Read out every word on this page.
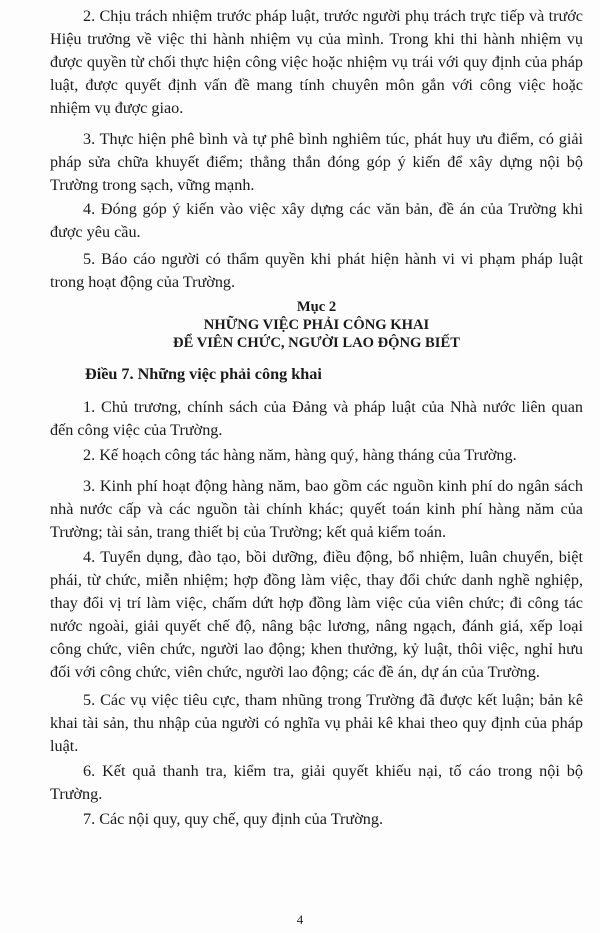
2. Chịu trách nhiệm trước pháp luật, trước người phụ trách trực tiếp và trước Hiệu trưởng về việc thi hành nhiệm vụ của mình. Trong khi thi hành nhiệm vụ được quyền từ chối thực hiện công việc hoặc nhiệm vụ trái với quy định của pháp luật, được quyết định vấn đề mang tính chuyên môn gắn với công việc hoặc nhiệm vụ được giao.

3. Thực hiện phê bình và tự phê bình nghiêm túc, phát huy ưu điểm, có giải pháp sửa chữa khuyết điểm; thẳng thắn đóng góp ý kiến để xây dựng nội bộ Trường trong sạch, vững mạnh.

4. Đóng góp ý kiến vào việc xây dựng các văn bản, đề án của Trường khi được yêu cầu.

5. Báo cáo người có thẩm quyền khi phát hiện hành vi vi phạm pháp luật trong hoạt động của Trường.

Mục 2
NHỮNG VIỆC PHẢI CÔNG KHAI
ĐỂ VIÊN CHỨC, NGƯỜI LAO ĐỘNG BIẾT
Điều 7. Những việc phải công khai

1. Chủ trương, chính sách của Đảng và pháp luật của Nhà nước liên quan đến công việc của Trường.

2. Kế hoạch công tác hàng năm, hàng quý, hàng tháng của Trường.

3. Kinh phí hoạt động hàng năm, bao gồm các nguồn kinh phí do ngân sách nhà nước cấp và các nguồn tài chính khác; quyết toán kinh phí hàng năm của Trường; tài sản, trang thiết bị của Trường; kết quả kiểm toán.

4. Tuyển dụng, đào tạo, bồi dưỡng, điều động, bổ nhiệm, luân chuyển, biệt phái, từ chức, miễn nhiệm; hợp đồng làm việc, thay đổi chức danh nghề nghiệp, thay đổi vị trí làm việc, chấm dứt hợp đồng làm việc của viên chức; đi công tác nước ngoài, giải quyết chế độ, nâng bậc lương, nâng ngạch, đánh giá, xếp loại công chức, viên chức, người lao động; khen thưởng, kỷ luật, thôi việc, nghỉ hưu đối với công chức, viên chức, người lao động; các đề án, dự án của Trường.

5. Các vụ việc tiêu cực, tham nhũng trong Trường đã được kết luận; bản kê khai tài sản, thu nhập của người có nghĩa vụ phải kê khai theo quy định của pháp luật.

6. Kết quả thanh tra, kiểm tra, giải quyết khiếu nại, tố cáo trong nội bộ Trường.

7. Các nội quy, quy chế, quy định của Trường.

4
